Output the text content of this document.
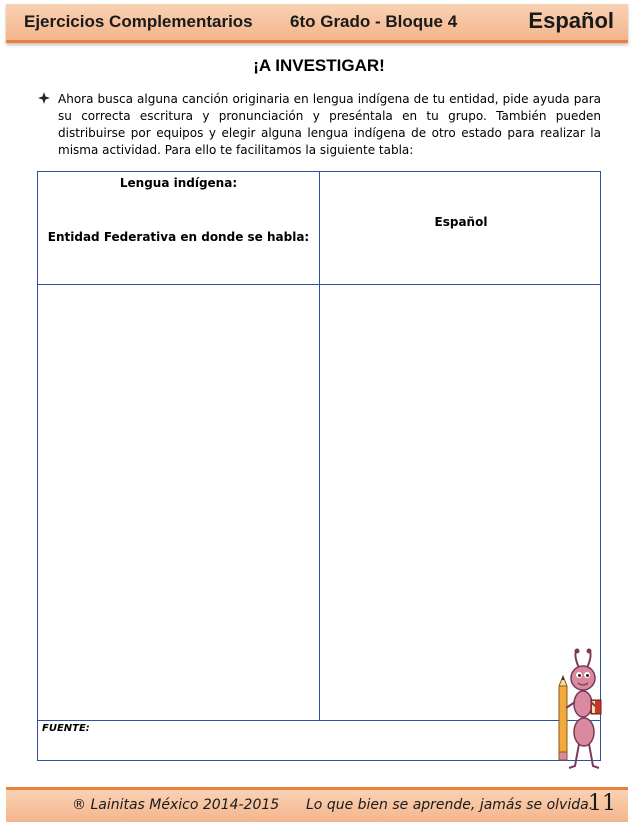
Ejercicios Complementarios 6to Grado - Bloque 4	Español
¡A INVESTIGAR!
Ahora busca alguna canción originaria en lengua indígena de tu entidad, pide ayuda para su correcta escritura y pronunciación y preséntala en tu grupo. También pueden distribuirse por equipos y elegir alguna lengua indígena de otro estado para realizar la misma actividad. Para ello te facilitamos la siguiente tabla:
Lengua indígena:
Entidad Federativa en donde se habla:
Español
FUENTE:
® Lainitas México 2014-2015 Lo que bien se aprende, jamás se olvida.
11
